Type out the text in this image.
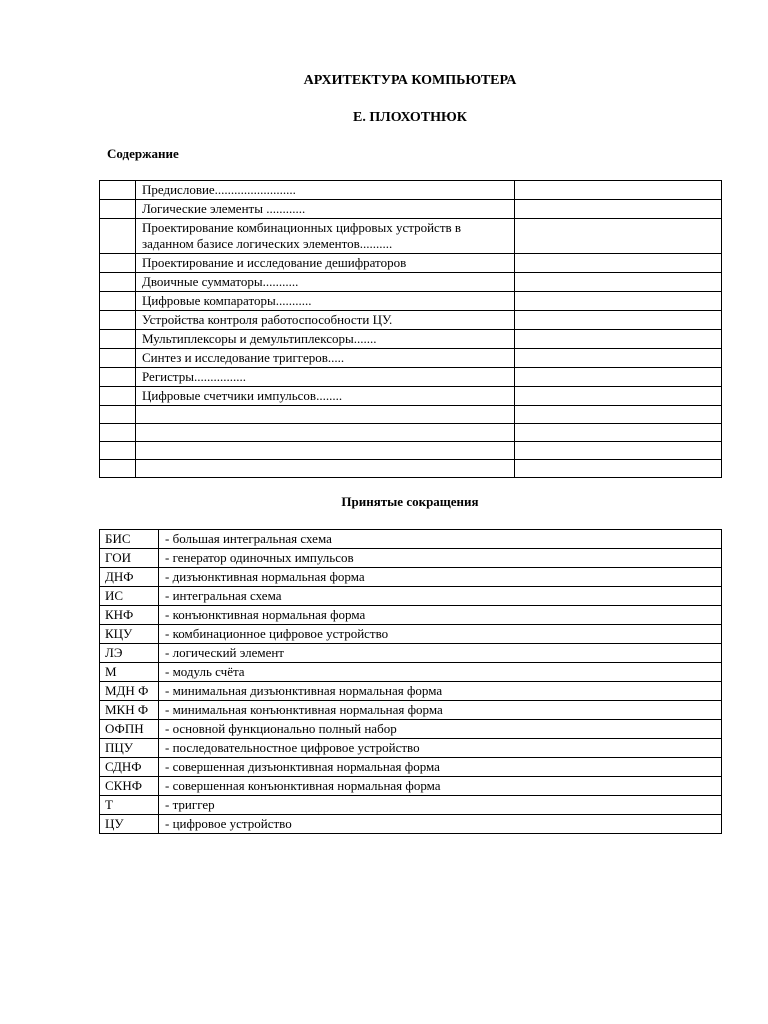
АРХИТЕКТУРА КОМПЬЮТЕРА
Е. ПЛОХОТНЮК
Содержание
	Предисловие.........................	
	Логические элементы ............	
	Проектирование комбинационных цифровых устройств в заданном базисе логических элементов..........	
	Проектирование и исследование дешифраторов	
	Двоичные сумматоры...........	
	Цифровые компараторы...........	
	Устройства контроля работоспособности ЦУ.	
	Мультиплексоры и демультиплексоры.......	
	Синтез и исследование триггеров.....	
	Регистры................	
	Цифровые счетчики импульсов........	

Принятые сокращения
БИС	- большая интегральная схема
ГОИ	- генератор одиночных импульсов
ДНФ	- дизъюнктивная нормальная форма
ИС	- интегральная схема
КНФ	- конъюнктивная нормальная форма
КЦУ	- комбинационное цифровое устройство
ЛЭ	- логический элемент
М	- модуль счёта
МДН Ф	- минимальная дизъюнктивная нормальная форма
МКН Ф	- минимальная конъюнктивная нормальная форма
ОФПН	- основной функционально полный набор
ПЦУ	- последовательностное цифровое устройство
СДНФ	- совершенная дизъюнктивная нормальная форма
СКНФ	- совершенная конъюнктивная нормальная форма
Т	- триггер
ЦУ	- цифровое устройство
